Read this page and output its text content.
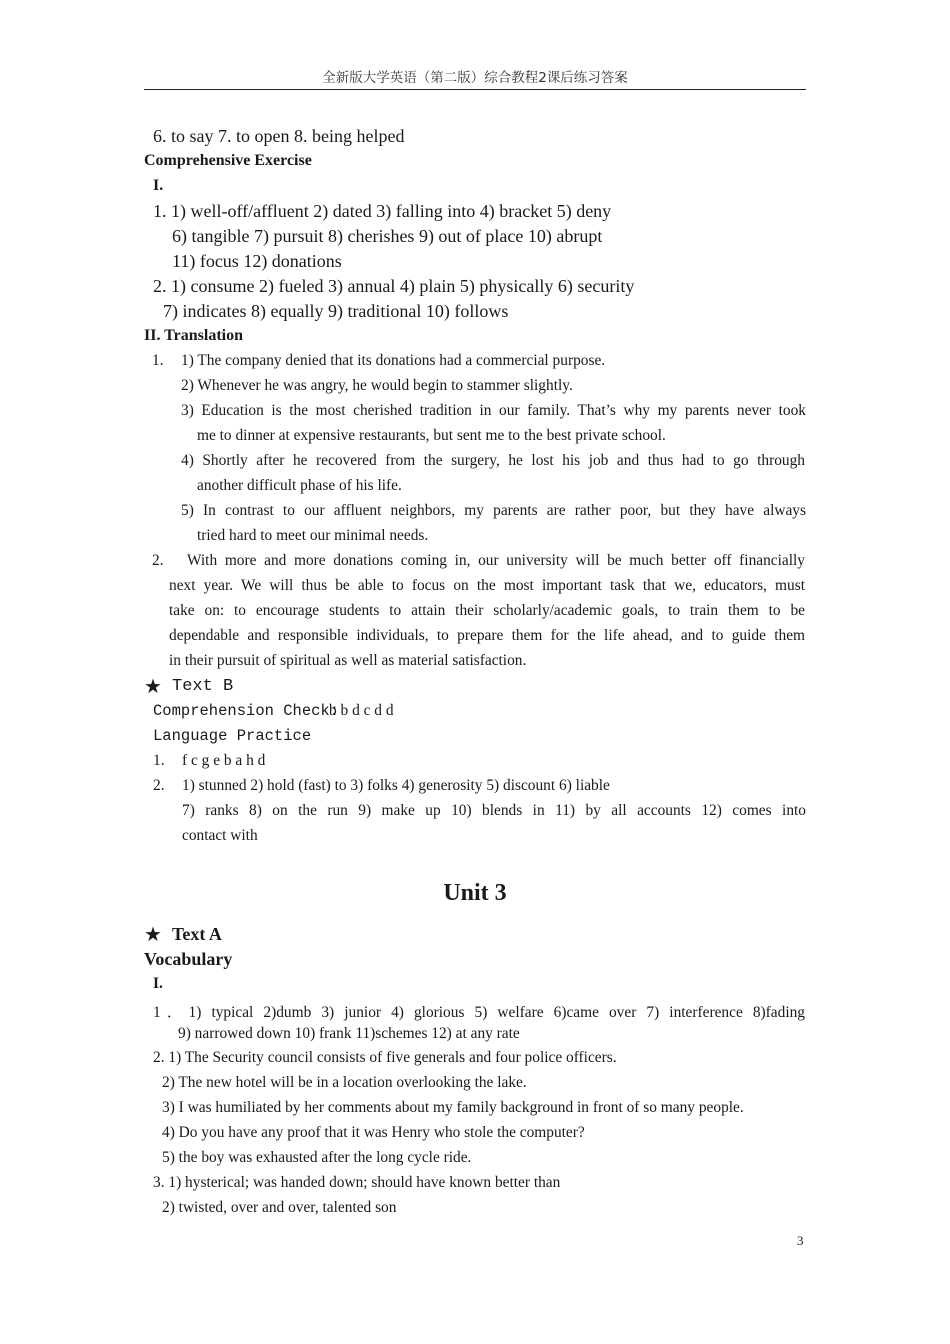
全新版大学英语（第二版）综合教程2课后练习答案
6. to say 7. to open 8. being helped
Comprehensive Exercise
I.
1. 1) well-off/affluent 2) dated 3) falling into 4) bracket 5) deny
6) tangible 7) pursuit 8) cherishes 9) out of place 10) abrupt
11) focus 12) donations
2. 1) consume 2) fueled 3) annual 4) plain 5) physically 6) security
7) indicates 8) equally 9) traditional 10) follows
II. Translation
1. 1) The company denied that its donations had a commercial purpose.
2) Whenever he was angry, he would begin to stammer slightly.
3) Education is the most cherished tradition in our family. That’s why my parents never took
me to dinner at expensive restaurants, but sent me to the best private school.
4) Shortly after he recovered from the surgery, he lost his job and thus had to go through
another difficult phase of his life.
5) In contrast to our affluent neighbors, my parents are rather poor, but they have always
tried hard to meet our minimal needs.
2. With more and more donations coming in, our university will be much better off financially
next year. We will thus be able to focus on the most important task that we, educators, must
take on: to encourage students to attain their scholarly/academic goals, to train them to be
dependable and responsible individuals, to prepare them for the life ahead, and to guide them
in their pursuit of spiritual as well as material satisfaction.
★ Text B
Comprehension Check:
b b d c d d
Language Practice
1. f c g e b a h d
2. 1) stunned 2) hold (fast) to 3) folks 4) generosity 5) discount 6) liable
7) ranks 8) on the run 9) make up 10) blends in 11) by all accounts 12) comes into
contact with
Unit 3
★ Text A
Vocabulary
I.
1．1) typical 2)dumb 3) junior 4) glorious 5) welfare 6)came over 7) interference 8)fading
9) narrowed down 10) frank 11)schemes 12) at any rate
2. 1) The Security council consists of five generals and four police officers.
2) The new hotel will be in a location overlooking the lake.
3) I was humiliated by her comments about my family background in front of so many people.
4) Do you have any proof that it was Henry who stole the computer?
5) the boy was exhausted after the long cycle ride.
3. 1) hysterical; was handed down; should have known better than
2) twisted, over and over, talented son
3
